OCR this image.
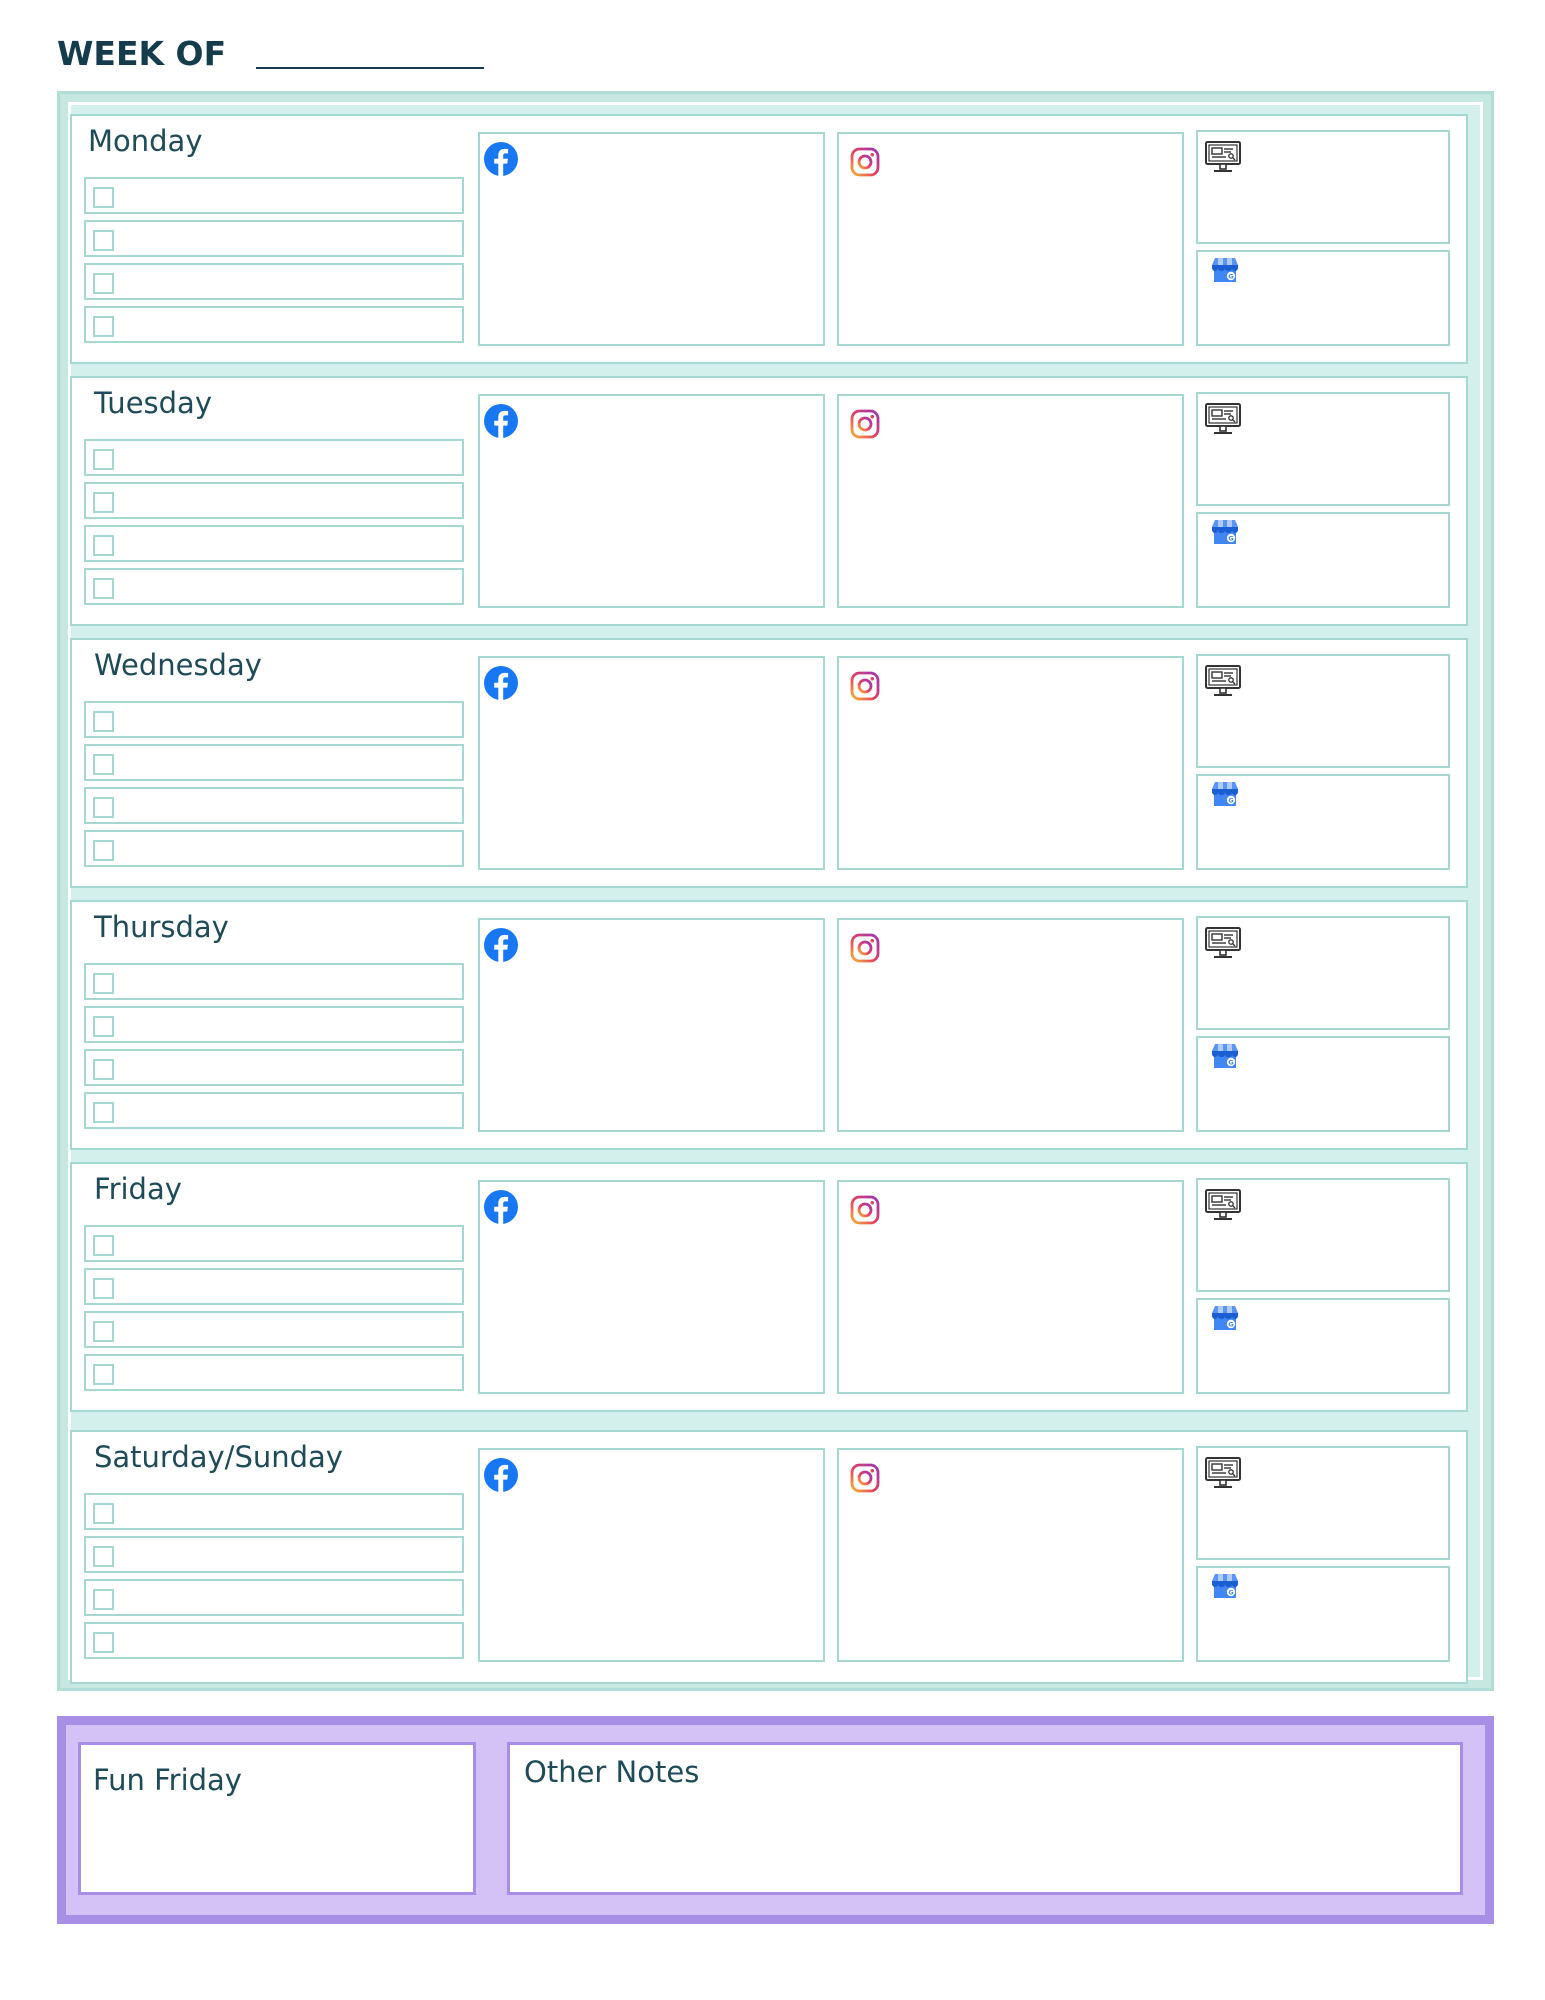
WEEK OF
Monday
G
Tuesday
G
Wednesday
G
Thursday
G
Friday
G
Saturday/Sunday
G
Fun Friday	Other Notes
